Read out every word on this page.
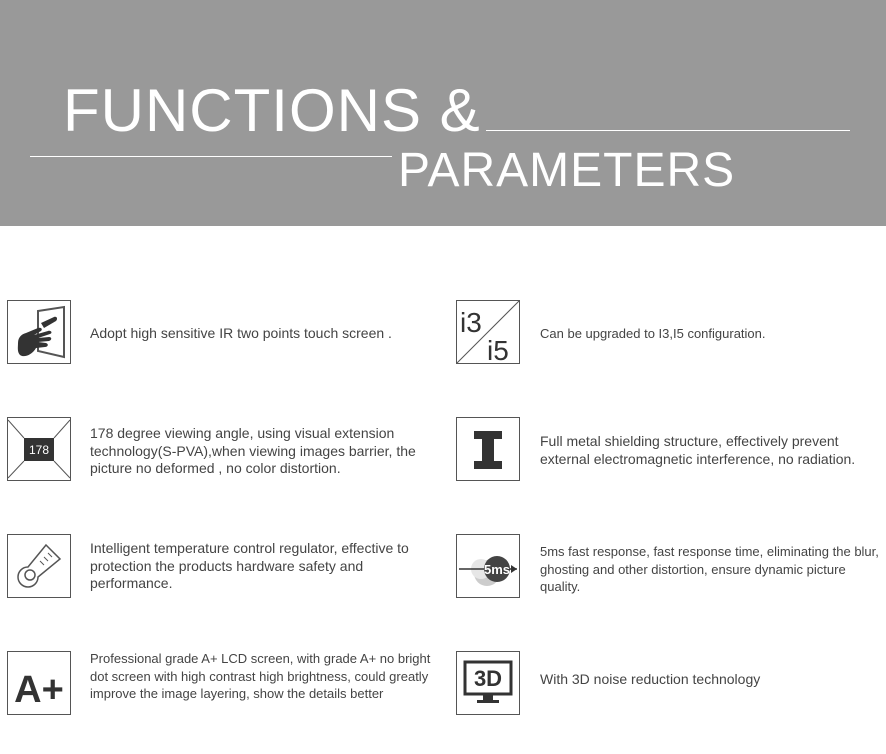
FUNCTIONS &
PARAMETERS
Adopt high sensitive IR two points touch screen .	i3
i5
Can be upgraded to I3,I5 configuration.
178
178 degree viewing angle, using visual extension technology(S-PVA),when viewing images barrier, the picture no deformed , no color distortion.
Full metal shielding structure, effectively prevent external electromagnetic interference, no radiation.
Intelligent temperature control regulator, effective to protection the products hardware safety and performance.
5ms
5ms fast response, fast response time, eliminating the blur, ghosting and other distortion, ensure dynamic picture quality.
A+
Professional grade A+ LCD screen, with grade A+ no bright dot screen with high contrast high brightness, could greatly improve the image layering, show the details better
3D	With 3D noise reduction technology
